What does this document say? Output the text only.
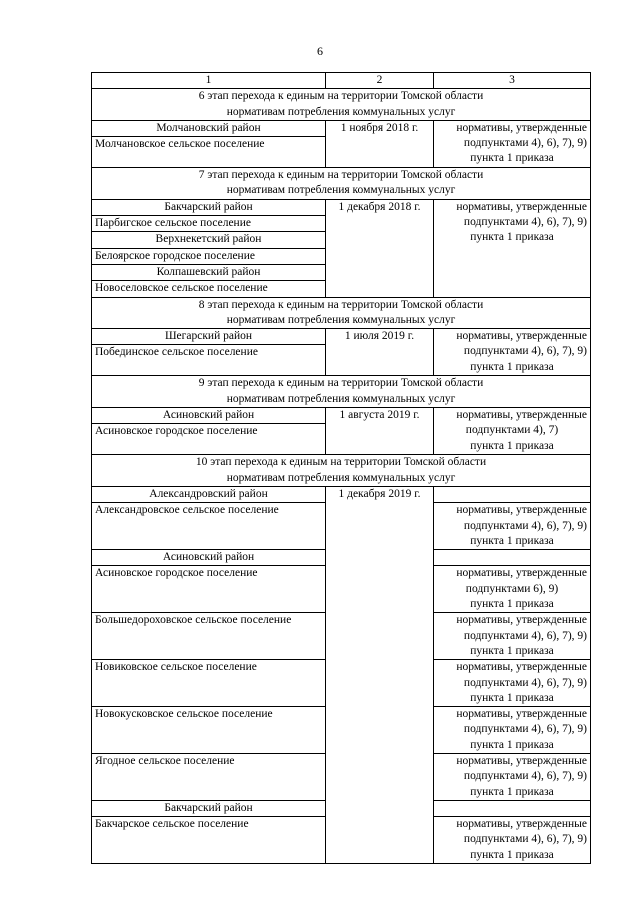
6
1	2	3

6 этап перехода к единым на территории Томской области
нормативам потребления коммунальных услуг		

Молчановский район	1 ноября 2018 г.	нормативы, утвержденные
подпунктами 4), 6), 7), 9)
пункта 1 приказа

Молчановское сельское поселение		

7 этап перехода к единым на территории Томской области
нормативам потребления коммунальных услуг		

Бакчарский район	1 декабря 2018 г.	нормативы, утвержденные
подпунктами 4), 6), 7), 9)
пункта 1 приказа

Парбигское сельское поселение		
Верхнекетский район		
Белоярское городское поселение		
Колпашевский район		
Новоселовское сельское поселение		

8 этап перехода к единым на территории Томской области
нормативам потребления коммунальных услуг		

Шегарский район	1 июля 2019 г.	нормативы, утвержденные
подпунктами 4), 6), 7), 9)
пункта 1 приказа

Побединское сельское поселение		

9 этап перехода к единым на территории Томской области
нормативам потребления коммунальных услуг		

Асиновский район	1 августа 2019 г.	нормативы, утвержденные
подпунктами 4), 7)
пункта 1 приказа

Асиновское городское поселение		

10 этап перехода к единым на территории Томской области
нормативам потребления коммунальных услуг		

Александровский район	1 декабря 2019 г.	
Александровское сельское поселение		нормативы, утвержденные
подпунктами 4), 6), 7), 9)
пункта 1 приказа

Асиновский район		
Асиновское городское поселение		нормативы, утвержденные
подпунктами 6), 9)
пункта 1 приказа

Большедороховское сельское поселение		нормативы, утвержденные
подпунктами 4), 6), 7), 9)
пункта 1 приказа

Новиковское сельское поселение		нормативы, утвержденные
подпунктами 4), 6), 7), 9)
пункта 1 приказа

Новокусковское сельское поселение		нормативы, утвержденные
подпунктами 4), 6), 7), 9)
пункта 1 приказа

Ягодное сельское поселение		нормативы, утвержденные
подпунктами 4), 6), 7), 9)
пункта 1 приказа

Бакчарский район		
Бакчарское сельское поселение		нормативы, утвержденные
подпунктами 4), 6), 7), 9)
пункта 1 приказа
